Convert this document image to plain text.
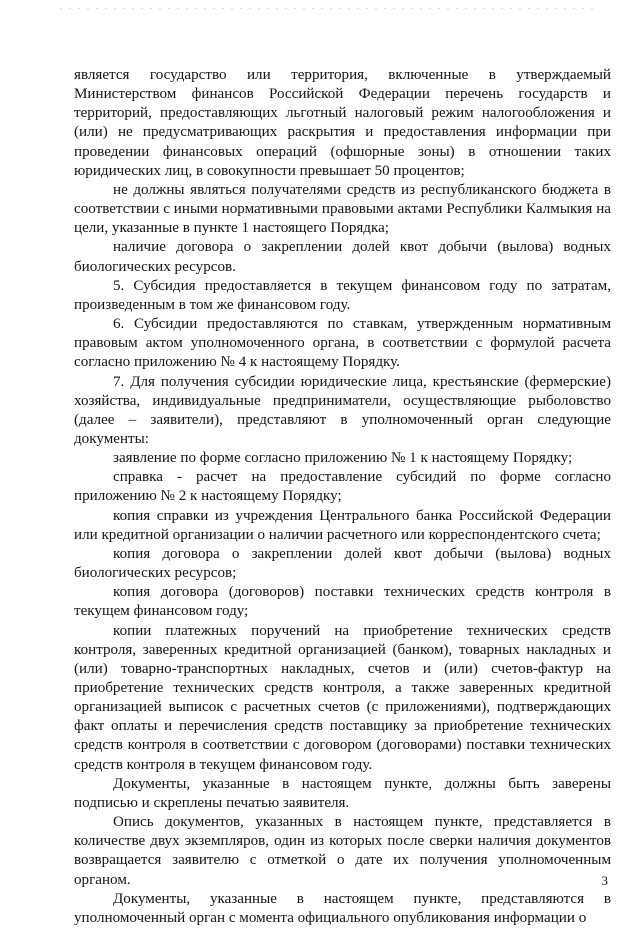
является государство или территория, включенные в утверждаемый Министерством финансов Российской Федерации перечень государств и территорий, предоставляющих льготный налоговый режим налогообложения и (или) не предусматривающих раскрытия и предоставления информации при проведении финансовых операций (офшорные зоны) в отношении таких юридических лиц, в совокупности превышает 50 процентов;

не должны являться получателями средств из республиканского бюджета в соответствии с иными нормативными правовыми актами Республики Калмыкия на цели, указанные в пункте 1 настоящего Порядка;

наличие договора о закреплении долей квот добычи (вылова) водных биологических ресурсов.

5. Субсидия предоставляется в текущем финансовом году по затратам, произведенным в том же финансовом году.

6. Субсидии предоставляются по ставкам, утвержденным нормативным правовым актом уполномоченного органа, в соответствии с формулой расчета согласно приложению № 4 к настоящему Порядку.

7. Для получения субсидии юридические лица, крестьянские (фермерские) хозяйства, индивидуальные предприниматели, осуществляющие рыболовство (далее – заявители), представляют в уполномоченный орган следующие документы:

заявление по форме согласно приложению № 1 к настоящему Порядку;

справка - расчет на предоставление субсидий по форме согласно приложению № 2 к настоящему Порядку;

копия справки из учреждения Центрального банка Российской Федерации или кредитной организации о наличии расчетного или корреспондентского счета;

копия договора о закреплении долей квот добычи (вылова) водных биологических ресурсов;

копия договора (договоров) поставки технических средств контроля в текущем финансовом году;

копии платежных поручений на приобретение технических средств контроля, заверенных кредитной организацией (банком), товарных накладных и (или) товарно-транспортных накладных, счетов и (или) счетов-фактур на приобретение технических средств контроля, а также заверенных кредитной организацией выписок с расчетных счетов (с приложениями), подтверждающих факт оплаты и перечисления средств поставщику за приобретение технических средств контроля в соответствии с договором (договорами) поставки технических средств контроля в текущем финансовом году.

Документы, указанные в настоящем пункте, должны быть заверены подписью и скреплены печатью заявителя.

Опись документов, указанных в настоящем пункте, представляется в количестве двух экземпляров, один из которых после сверки наличия документов возвращается заявителю с отметкой о дате их получения уполномоченным органом.

Документы, указанные в настоящем пункте, представляются в уполномоченный орган с момента официального опубликования информации о

3
